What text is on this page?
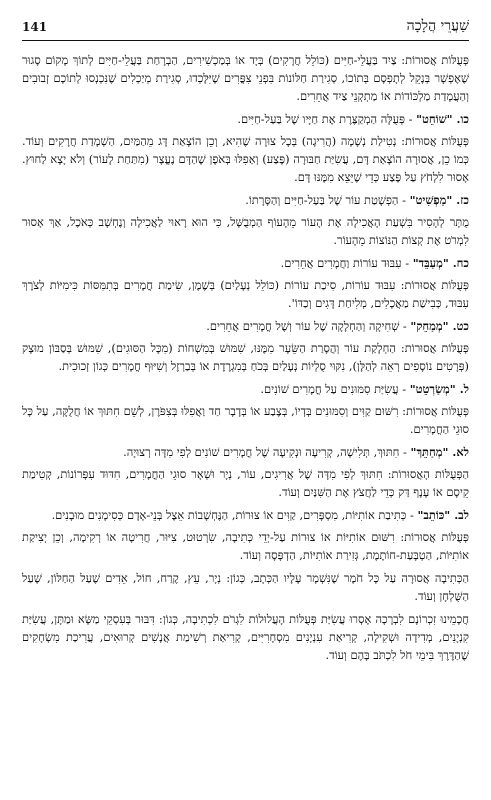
141	שַׁעֲרֵי הֲלָכָה
פְּעֻלּוֹת אֲסוּרוֹת: צַיִד בַּעֲלֵי-חַיִּים (כּוֹלֵל חֲרָקִים) בְּיָד אוֹ בְּמַכְשִׁירִים, הַבְרָחַת בַּעֲלֵי-חַיִּים לְתוֹךְ מָקוֹם סָגוּר שֶׁאֶפְשָׁר בְּנָקֵל לְתָפְסָם בְּתוֹכוֹ, סְגִירַת חַלּוֹנוֹת בִּפְנֵי צִפֳּרִים שֶׁיִּלָּכְדוּ, סְגִירַת מְיַכְלִים שֶׁנִּכְנְסוּ לְתוֹכָם זְבוּבִים וְהַעֲמָדַת מַלְכּוֹדוֹת אוֹ מַתְקְנֵי צַיִד אֲחֵרִים.
כו. "שׁוֹחֵט" - פְּעֻלָּה הַמְקַצֶּרֶת אֶת חַיָּיו שֶׁל בַּעַל-חַיִּים.
פְּעֻלּוֹת אֲסוּרוֹת: נְטִילַת נְשָׁמָה (הֲרִיגָה) בְּכָל צוּרָה שֶׁהִיא, וְכֵן הוֹצָאַת דָּג מֵהַמַּיִם, הַשְׁמָדַת חֲרָקִים וְעוֹד. כְּמוֹ כֵן, אֲסוּרָה הוֹצָאַת דָּם, עֲשִׂיַּת חַבּוּרָה (פֶּצַע) וְאַפִלּוּ בְּאֹפֶן שֶׁהַדָּם נֶעֱצָר (מִתַּחַת לָעוֹר) וְלֹא יָצָא לַחוּץ. אָסוּר לִלְחֹץ עַל פֶּצַע כְּדֵי שֶׁיֵּצֵא מִמֶּנּוּ דָּם.
כז. "מַפְשִׁיט" - הַפְשָׁטַת עוֹר שֶׁל בַּעַל-חַיִּים וְהַסָּרָתוֹ.
מֻתָּר לְהָסִיר בִּשְׁעַת הָאֲכִילָה אֶת הָעוֹר מֵהָעוֹף הַמְבֻשָּׁל, כִּי הוּא רָאוּי לַאֲכִילָה וְנֶחְשָׁב כְּאֹכֶל, אַךְ אָסוּר לִמְרֹט אֶת קְצוֹת הַנּוֹצוֹת מֵהָעוֹר.
כח. "מְעַבֵּד" - עִבּוּד עוֹרוֹת וַחֲמָרִים אֲחֵרִים.
פְּעֻלּוֹת אֲסוּרוֹת: עִבּוּד עוֹרוֹת, סִיכַת עוֹרוֹת (כּוֹלֵל נְעָלַיִם) בְּשֶׁמֶן, שִׂימַת חֳמָרִים בְּתִמִּסּוֹת כִּימִיּוֹת לְצֹרֶךְ עִבּוּד, כְּבִישַׁת מַאֲכָלִים, מְלִיחַת דָּגִים וְכַדּוֹ'.
כט. "מְמַחֵק" - שְׁחִיקָה וְהַחְלָקָה שֶׁל עוֹר וְשֶׁל חֳמָרִים אֲחֵרִים.
פְּעֻלּוֹת אֲסוּרוֹת: הַחְלָקַת עוֹר וְהֲסָרַת הַשֵּׂעָר מִמֶּנּוּ, שִׁמּוּשׁ בְּמִשְׁחוֹת (מִכָּל הַסּוּגִים), שִׁמּוּשׁ בְּסַבּוֹן מוּצָק (פְּרָטִים נוֹסָפִים רְאֵה לְהַלָּן), נִקּוּי סֻלְיוֹת נְעָלַיִם בְּכֹחַ בְּמִגְרֶדֶת אוֹ בְּבַרְזֶל וְשִׁיּוּף חֳמָרִים כְּגוֹן זְכוּכִית.
ל. "מְשַׂרְטֵט" - עֲשִׂיַּת סִמּוּנִים עַל חֳמָרִים שׁוֹנִים.
פְּעֻלּוֹת אֲסוּרוֹת: רִשּׁוּם קַוִּים וְסִמּוּנִים בְּדְיוֹ, בְּצֶבַע אוֹ בְּדָבָר חַד וַאֲפִלּוּ בְּצִפֹּרֶן, לְשֵׁם חִתּוּךְ אוֹ חֲלֻקָּה, עַל כָּל סוּגֵי הַחֳמָרִים.
לא. "מְחַתֵּךְ" - חִתּוּךְ, תְּלִישָׁה, קְרִיעָה וּנְקִיעָה שֶׁל חֳמָרִים שׁוֹנִים לְפִי מִדָּה רְצוּיָה.
הַפְּעֻלּוֹת הָאֲסוּרוֹת: חִתּוּךְ לְפִי מִדָּה שֶׁל אֲרִיגִים, עוֹר, נְיָר וּשְׁאָר סוּגֵי הַחֳמָרִים, חִדּוּד עִפְּרוֹנוֹת, קְטִימַת קֵיסָם אוֹ עָנָף דַּק כְּדֵי לַחֲצֹץ אֶת הַשִּׁנַּיִם וְעוֹד.
לב. "כּוֹתֵב" - כְּתִיבַת אוֹתִיּוֹת, מִסְפָּרִים, קַוִּים אוֹ צוּרוֹת, הַנֶּחְשָׁבוֹת אֵצֶל בְּנֵי-אָדָם כְּסִימָנִים מוּבָנִים.
פְּעֻלּוֹת אֲסוּרוֹת: רִשּׁוּם אוֹתִיּוֹת אוֹ צוּרוֹת עַל-יְדֵי כְּתִיבָה, שִׂרְטוּט, צִיּוּר, חֲרִיטָה אוֹ רְקִימָה, וְכֵן יְצִיקַת אוֹתִיּוֹת, הַטְבָּעַת-חוֹתֶמֶת, גְּזִירַת אוֹתִיּוֹת, הַדְפָּסָה וְעוֹד.
הַכְּתִיבָה אֲסוּרָה עַל כָּל חֹמֶר שֶׁנִּשְׁמָר עָלָיו הַכְּתָב, כְּגוֹן: נְיָר, עֵץ, קֶרַח, חוֹל, אֵדִים שֶׁעַל הַחַלּוֹן, שֶׁעַל הַשֻּׁלְחָן וְעוֹד.
חֲכָמֵינוּ זִכְרוֹנָם לִבְרָכָה אָסְרוּ עֲשִׂיַּת פְּעֻלּוֹת הָעֲלוּלוֹת לִגְרֹם לִכְתִיבָה, כְּגוֹן: דִּבּוּר בְּעִסְקֵי מַשָּׂא וּמַתָּן, עֲשִׂיַּת קִנְיָנִים, מְדִידָה וּשְׁקִילָה, קְרִיאַת עִנְיָנִים מִסְחָרִיִּים, קְרִיאַת רְשִׁימַת אֲנָשִׁים קְרוּאִים, עֲרִיכַת מִשְׂחָקִים שֶׁהַדֶּרֶךְ בִּימֵי חֹל לִכְתֹּב בָּהֶם וְעוֹד.
